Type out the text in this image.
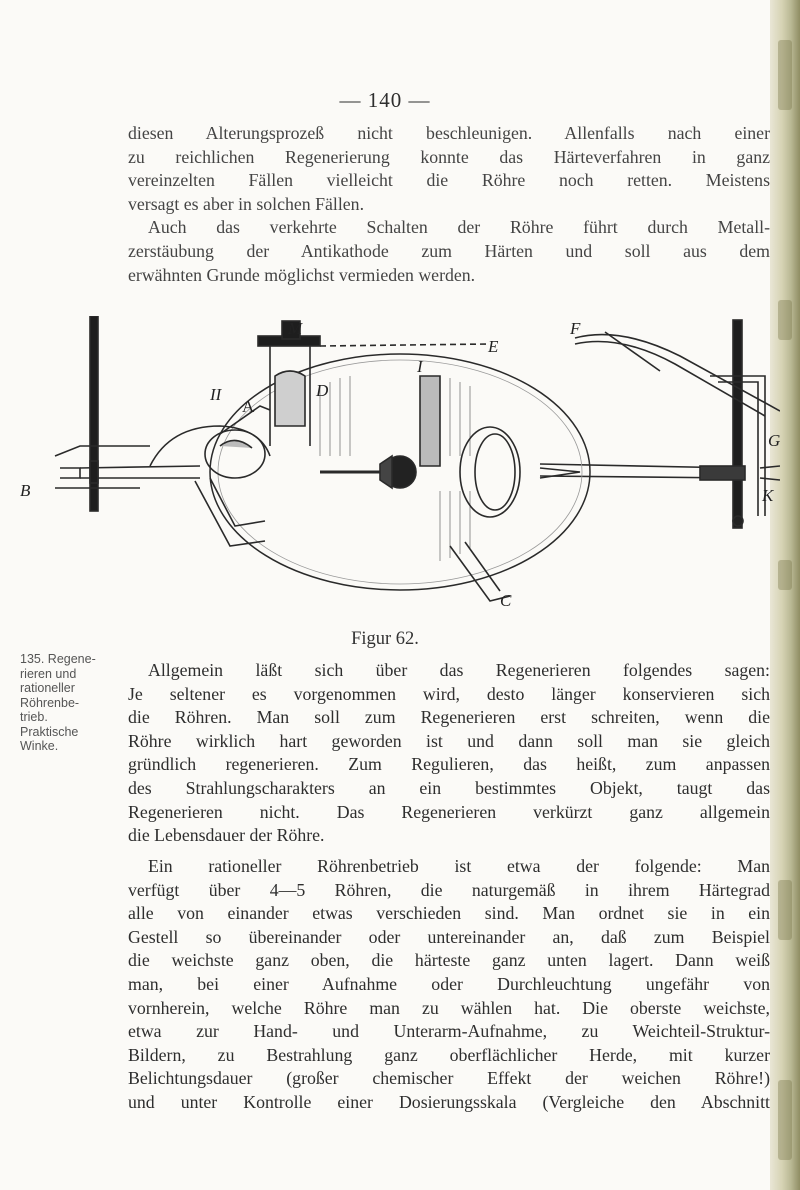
— 140 —
diesen Alterungsprozeß nicht beschleunigen. Allenfalls nach einer
zu reichlichen Regenerierung konnte das Härteverfahren in ganz
vereinzelten Fällen vielleicht die Röhre noch retten. Meistens
versagt es aber in solchen Fällen.
Auch das verkehrte Schalten der Röhre führt durch Metall-
zerstäubung der Antikathode zum Härten und soll aus dem
erwähnten Grunde möglichst vermieden werden.
M	F
E
D
I
II
A
B	K
G
C
Figur 62.
135. Regene-
rieren und
rationeller
Röhrenbe-
trieb.
Praktische
Winke.
Allgemein läßt sich über das Regenerieren folgendes sagen:
Je seltener es vorgenommen wird, desto länger konservieren sich
die Röhren. Man soll zum Regenerieren erst schreiten, wenn die
Röhre wirklich hart geworden ist und dann soll man sie gleich
gründlich regenerieren. Zum Regulieren, das heißt, zum anpassen
des Strahlungscharakters an ein bestimmtes Objekt, taugt das
Regenerieren nicht. Das Regenerieren verkürzt ganz allgemein
die Lebensdauer der Röhre.
Ein rationeller Röhrenbetrieb ist etwa der folgende: Man
verfügt über 4—5 Röhren, die naturgemäß in ihrem Härtegrad
alle von einander etwas verschieden sind. Man ordnet sie in ein
Gestell so übereinander oder untereinander an, daß zum Beispiel
die weichste ganz oben, die härteste ganz unten lagert. Dann weiß
man, bei einer Aufnahme oder Durchleuchtung ungefähr von
vornherein, welche Röhre man zu wählen hat. Die oberste weichste,
etwa zur Hand- und Unterarm-Aufnahme, zu Weichteil-Struktur-
Bildern, zu Bestrahlung ganz oberflächlicher Herde, mit kurzer
Belichtungsdauer (großer chemischer Effekt der weichen Röhre!)
und unter Kontrolle einer Dosierungsskala (Vergleiche den Abschnitt
